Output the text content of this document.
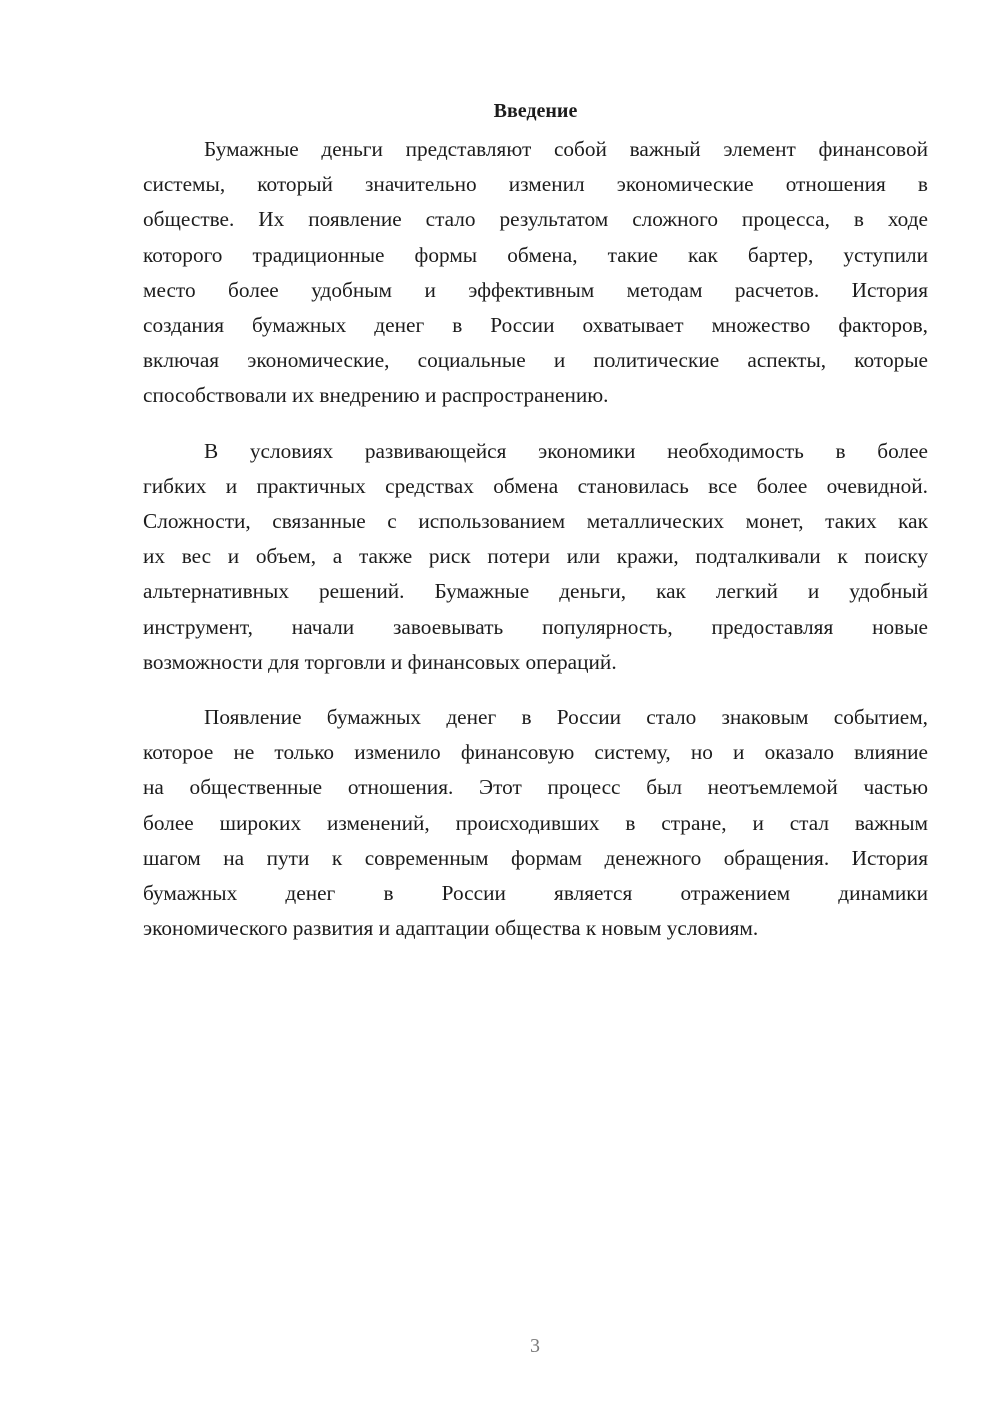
Введение
Бумажные деньги представляют собой важный элемент финансовой
системы, который значительно изменил экономические отношения в
обществе. Их появление стало результатом сложного процесса, в ходе
которого традиционные формы обмена, такие как бартер, уступили
место более удобным и эффективным методам расчетов. История
создания бумажных денег в России охватывает множество факторов,
включая экономические, социальные и политические аспекты, которые
способствовали их внедрению и распространению.
В условиях развивающейся экономики необходимость в более
гибких и практичных средствах обмена становилась все более очевидной.
Сложности, связанные с использованием металлических монет, таких как
их вес и объем, а также риск потери или кражи, подталкивали к поиску
альтернативных решений. Бумажные деньги, как легкий и удобный
инструмент, начали завоевывать популярность, предоставляя новые
возможности для торговли и финансовых операций.
Появление бумажных денег в России стало знаковым событием,
которое не только изменило финансовую систему, но и оказало влияние
на общественные отношения. Этот процесс был неотъемлемой частью
более широких изменений, происходивших в стране, и стал важным
шагом на пути к современным формам денежного обращения. История
бумажных денег в России является отражением динамики
экономического развития и адаптации общества к новым условиям.
3
